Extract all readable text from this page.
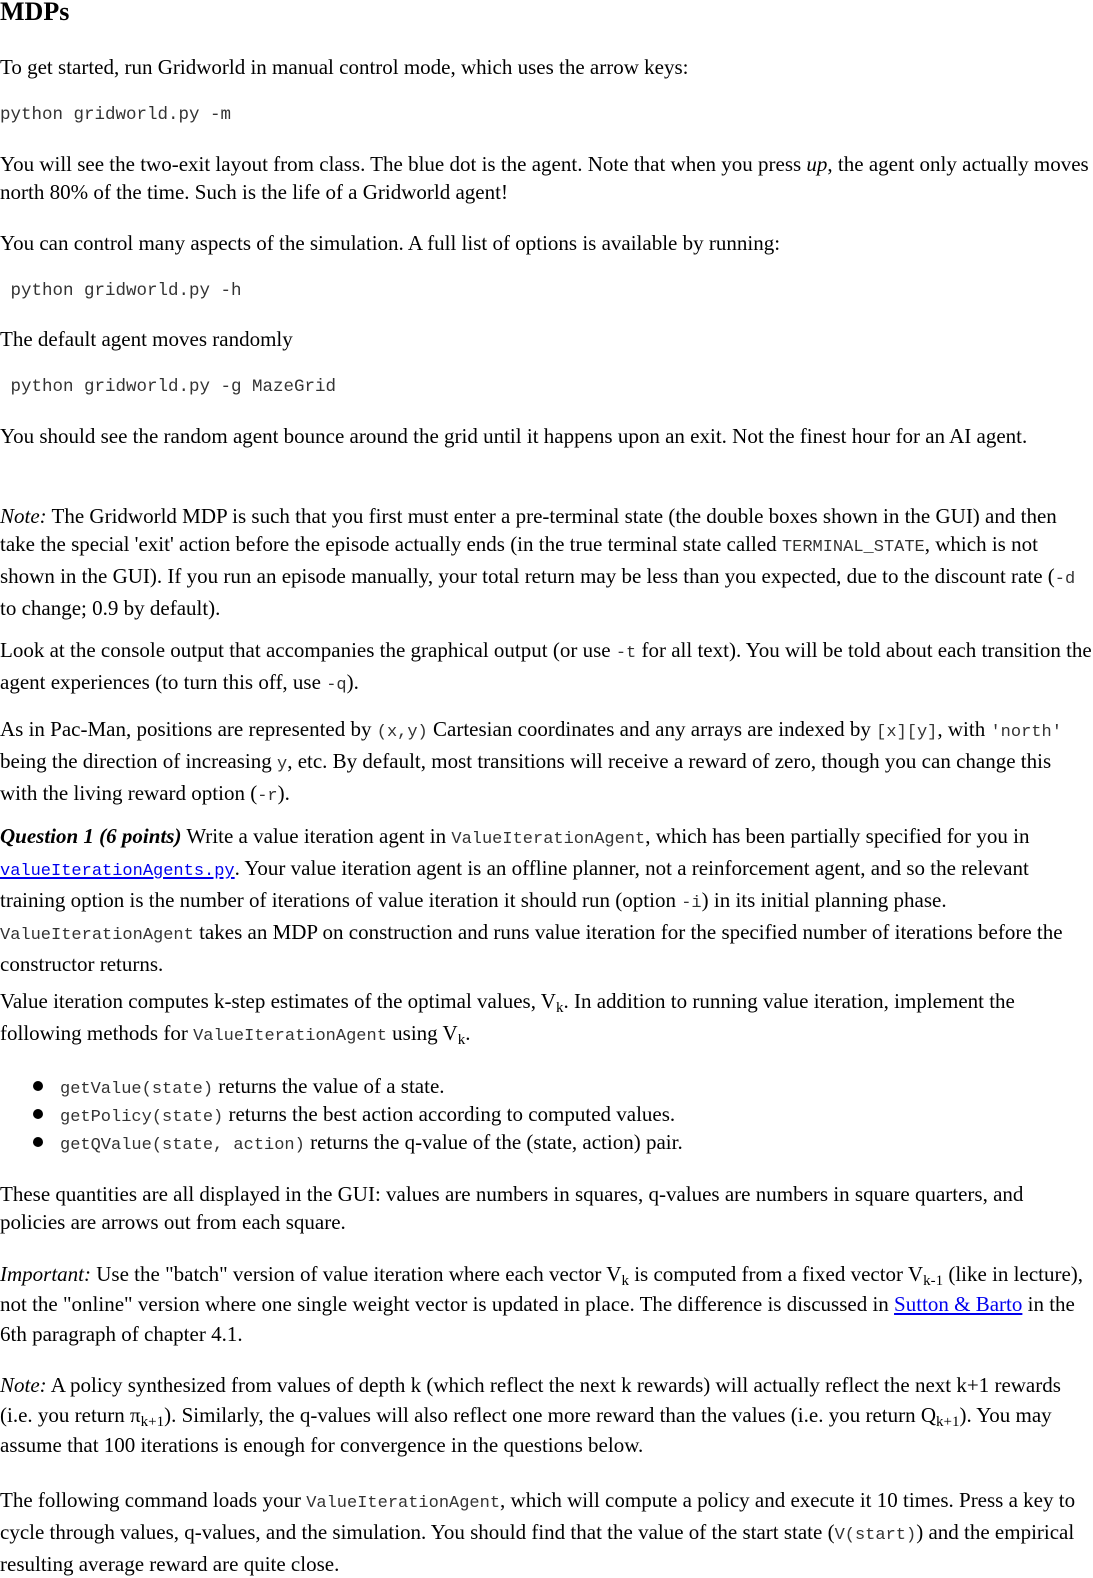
MDPs

To get started, run Gridworld in manual control mode, which uses the arrow keys:

python gridworld.py -m

You will see the two-exit layout from class. The blue dot is the agent. Note that when you press up, the agent only actually moves north 80% of the time. Such is the life of a Gridworld agent!

You can control many aspects of the simulation. A full list of options is available by running:

python gridworld.py -h

The default agent moves randomly

python gridworld.py -g MazeGrid

You should see the random agent bounce around the grid until it happens upon an exit. Not the finest hour for an AI agent.

Note: The Gridworld MDP is such that you first must enter a pre-terminal state (the double boxes shown in the GUI) and then take the special 'exit' action before the episode actually ends (in the true terminal state called TERMINAL_STATE, which is not shown in the GUI). If you run an episode manually, your total return may be less than you expected, due to the discount rate (-d to change; 0.9 by default).

Look at the console output that accompanies the graphical output (or use -t for all text). You will be told about each transition the agent experiences (to turn this off, use -q).

As in Pac-Man, positions are represented by (x,y) Cartesian coordinates and any arrays are indexed by [x][y], with 'north' being the direction of increasing y, etc. By default, most transitions will receive a reward of zero, though you can change this with the living reward option (-r).

Question 1 (6 points) Write a value iteration agent in ValueIterationAgent, which has been partially specified for you in valueIterationAgents.py. Your value iteration agent is an offline planner, not a reinforcement agent, and so the relevant training option is the number of iterations of value iteration it should run (option -i) in its initial planning phase. ValueIterationAgent takes an MDP on construction and runs value iteration for the specified number of iterations before the constructor returns.

Value iteration computes k-step estimates of the optimal values, $V_k$. In addition to running value iteration, implement the following methods for ValueIterationAgent using $V_k$.

getValue(state) returns the value of a state.
getPolicy(state) returns the best action according to computed values.
getQValue(state, action) returns the q-value of the (state, action) pair.

These quantities are all displayed in the GUI: values are numbers in squares, q-values are numbers in square quarters, and policies are arrows out from each square.

Important: Use the "batch" version of value iteration where each vector $V_k$ is computed from a fixed vector $V_{k-1}$ (like in lecture), not the "online" version where one single weight vector is updated in place. The difference is discussed in Sutton & Barto in the 6th paragraph of chapter 4.1.

Note: A policy synthesized from values of depth k (which reflect the next k rewards) will actually reflect the next k+1 rewards (i.e. you return $\pi_{k+1}$). Similarly, the q-values will also reflect one more reward than the values (i.e. you return $Q_{k+1}$). You may assume that 100 iterations is enough for convergence in the questions below.

The following command loads your ValueIterationAgent, which will compute a policy and execute it 10 times. Press a key to cycle through values, q-values, and the simulation. You should find that the value of the start state (V(start)) and the empirical resulting average reward are quite close.
